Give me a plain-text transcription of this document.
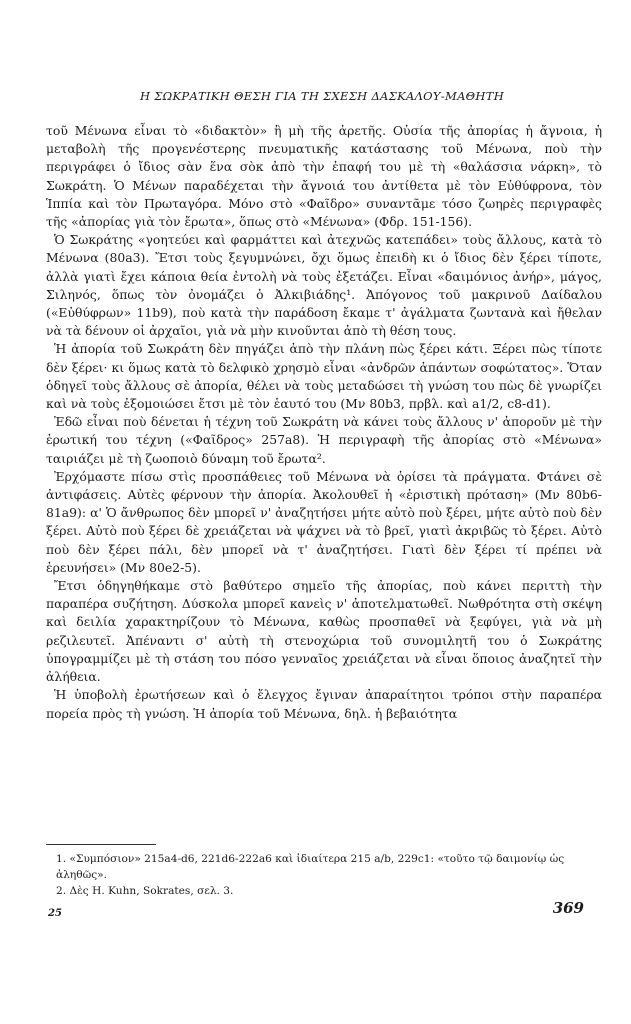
Η ΣΩΚΡΑΤΙΚΗ ΘΕΣΗ ΓΙΑ ΤΗ ΣΧΕΣΗ ΔΑΣΚΑΛΟΥ-ΜΑΘΗΤΗ

τοῦ Μένωνα εἶναι τὸ «διδακτὸν» ἢ μὴ τῆς ἀρετῆς. Οὐσία τῆς ἀπορίας ἡ ἄγνοια, ἡ μεταβολὴ τῆς προγενέστερης πνευματικῆς κατάστασης τοῦ Μένωνα, ποὺ τὴν περιγράφει ὁ ἴδιος σὰν ἕνα σὸκ ἀπὸ τὴν ἐπαφή του μὲ τὴ «θαλάσσια νάρκη», τὸ Σωκράτη. Ὁ Μένων παραδέχεται τὴν ἄγνοιά του ἀντίθετα μὲ τὸν Εὐθύφρονα, τὸν Ἱππία καὶ τὸν Πρωταγόρα. Μόνο στὸ «Φαῖδρο» συναντᾶμε τόσο ζωηρὲς περιγραφὲς τῆς «ἀπορίας γιὰ τὸν ἔρωτα», ὅπως στὸ «Μένωνα» (Φδρ. 151-156).

Ὁ Σωκράτης «γοητεύει καὶ φαρμάττει καὶ ἀτεχνῶς κατεπάδει» τοὺς ἄλλους, κατὰ τὸ Μένωνα (80a3). Ἔτσι τοὺς ξεγυμνώνει, ὄχι ὅμως ἐπειδὴ κι ὁ ἴδιος δὲν ξέρει τίποτε, ἀλλὰ γιατὶ ἔχει κάποια θεία ἐντολὴ νὰ τοὺς ἐξετάζει. Εἶναι «δαιμόνιος ἀνήρ», μάγος, Σιληνός, ὅπως τὸν ὀνομάζει ὁ Ἀλκιβιάδης¹. Ἀπόγονος τοῦ μακρινοῦ Δαίδαλου («Εὐθύφρων» 11b9), ποὺ κατὰ τὴν παράδοση ἔκαμε τ' ἀγάλματα ζωντανὰ καὶ ἤθελαν νὰ τὰ δένουν οἱ ἀρχαῖοι, γιὰ νὰ μὴν κινοῦνται ἀπὸ τὴ θέση τους.

Ἡ ἀπορία τοῦ Σωκράτη δὲν πηγάζει ἀπὸ τὴν πλάνη πὼς ξέρει κάτι. Ξέρει πὼς τίποτε δὲν ξέρει· κι ὅμως κατὰ τὸ δελφικὸ χρησμὸ εἶναι «ἀνδρῶν ἁπάντων σοφώτατος». Ὅταν ὁδηγεῖ τοὺς ἄλλους σὲ ἀπορία, θέλει νὰ τοὺς μεταδώσει τὴ γνώση του πὼς δὲ γνωρίζει καὶ νὰ τοὺς ἐξομοιώσει ἔτσι μὲ τὸν ἑαυτό του (Μν 80b3, πρβλ. καὶ a1/2, c8-d1).

Ἐδῶ εἶναι ποὺ δένεται ἡ τέχνη τοῦ Σωκράτη νὰ κάνει τοὺς ἄλλους ν' ἀποροῦν μὲ τὴν ἐρωτική του τέχνη («Φαῖδρος» 257a8). Ἡ περιγραφὴ τῆς ἀπορίας στὸ «Μένωνα» ταιριάζει μὲ τὴ ζωοποιὸ δύναμη τοῦ ἔρωτα².

Ἐρχόμαστε πίσω στὶς προσπάθειες τοῦ Μένωνα νὰ ὁρίσει τὰ πράγματα. Φτάνει σὲ ἀντιφάσεις. Αὐτὲς φέρνουν τὴν ἀπορία. Ἀκολουθεῖ ἡ «ἐριστικὴ πρόταση» (Μν 80b6-81a9): α' Ὁ ἄνθρωπος δὲν μπορεῖ ν' ἀναζητήσει μήτε αὐτὸ ποὺ ξέρει, μήτε αὐτὸ ποὺ δὲν ξέρει. Αὐτὸ ποὺ ξέρει δὲ χρειάζεται νὰ ψάχνει νὰ τὸ βρεῖ, γιατὶ ἀκριβῶς τὸ ξέρει. Αὐτὸ ποὺ δὲν ξέρει πάλι, δὲν μπορεῖ νὰ τ' ἀναζητήσει. Γιατὶ δὲν ξέρει τί πρέπει νὰ ἐρευνήσει» (Μν 80e2-5).

Ἔτσι ὁδηγηθήκαμε στὸ βαθύτερο σημεῖο τῆς ἀπορίας, ποὺ κάνει περιττὴ τὴν παραπέρα συζήτηση. Δύσκολα μπορεῖ κανεὶς ν' ἀποτελματωθεῖ. Νωθρότητα στὴ σκέψη καὶ δειλία χαρακτηρίζουν τὸ Μένωνα, καθὼς προσπαθεῖ νὰ ξεφύγει, γιὰ νὰ μὴ ρεζιλευτεῖ. Ἀπέναντι σ' αὐτὴ τὴ στενοχώρια τοῦ συνομιλητῆ του ὁ Σωκράτης ὑπογραμμίζει μὲ τὴ στάση του πόσο γενναῖος χρειάζεται νὰ εἶναι ὅποιος ἀναζητεῖ τὴν ἀλήθεια.

Ἡ ὑποβολὴ ἐρωτήσεων καὶ ὁ ἔλεγχος ἔγιναν ἀπαραίτητοι τρόποι στὴν παραπέρα πορεία πρὸς τὴ γνώση. Ἡ ἀπορία τοῦ Μένωνα, δηλ. ἡ βεβαιότητα

1. «Συμπόσιον» 215a4-d6, 221d6-222a6 καὶ ἰδιαίτερα 215 a/b, 229c1: «τοῦτο τῷ δαιμονίῳ ὡς ἀληθῶς».
2. Δὲς H. Kuhn, Sokrates, σελ. 3.
25	369
